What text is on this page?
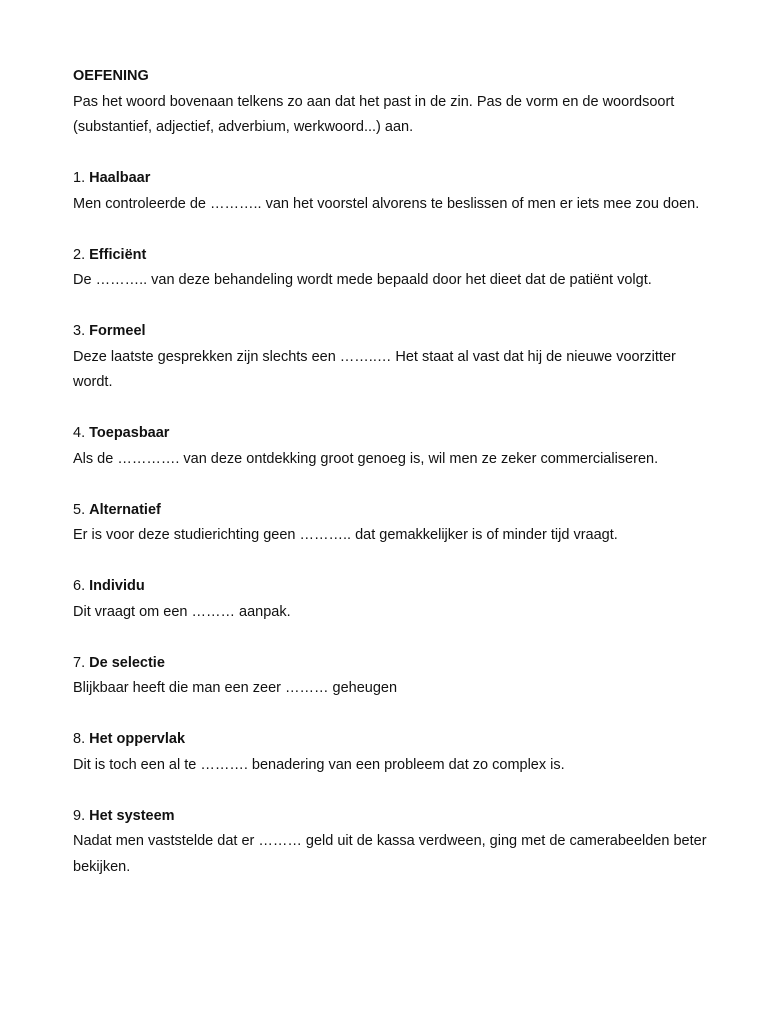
OEFENING

Pas het woord bovenaan telkens zo aan dat het past in de zin. Pas de vorm en de woordsoort (substantief, adjectief, adverbium, werkwoord...) aan.

1. Haalbaar

Men controleerde de ……….. van het voorstel alvorens te beslissen of men er iets mee zou doen.

2. Efficiënt

De ……….. van deze behandeling wordt mede bepaald door het dieet dat de patiënt volgt.

3. Formeel

Deze laatste gesprekken zijn slechts een ……..… Het staat al vast dat hij de nieuwe voorzitter wordt.

4. Toepasbaar

Als de …………. van deze ontdekking groot genoeg is, wil men ze zeker commercialiseren.

5. Alternatief

Er is voor deze studierichting geen ……….. dat gemakkelijker is of minder tijd vraagt.

6. Individu

Dit vraagt om een ……… aanpak.

7. De selectie

Blijkbaar heeft die man een zeer ……… geheugen

8. Het oppervlak

Dit is toch een al te ………. benadering van een probleem dat zo complex is.

9. Het systeem

Nadat men vaststelde dat er ……… geld uit de kassa verdween, ging met de camerabeelden beter bekijken.
